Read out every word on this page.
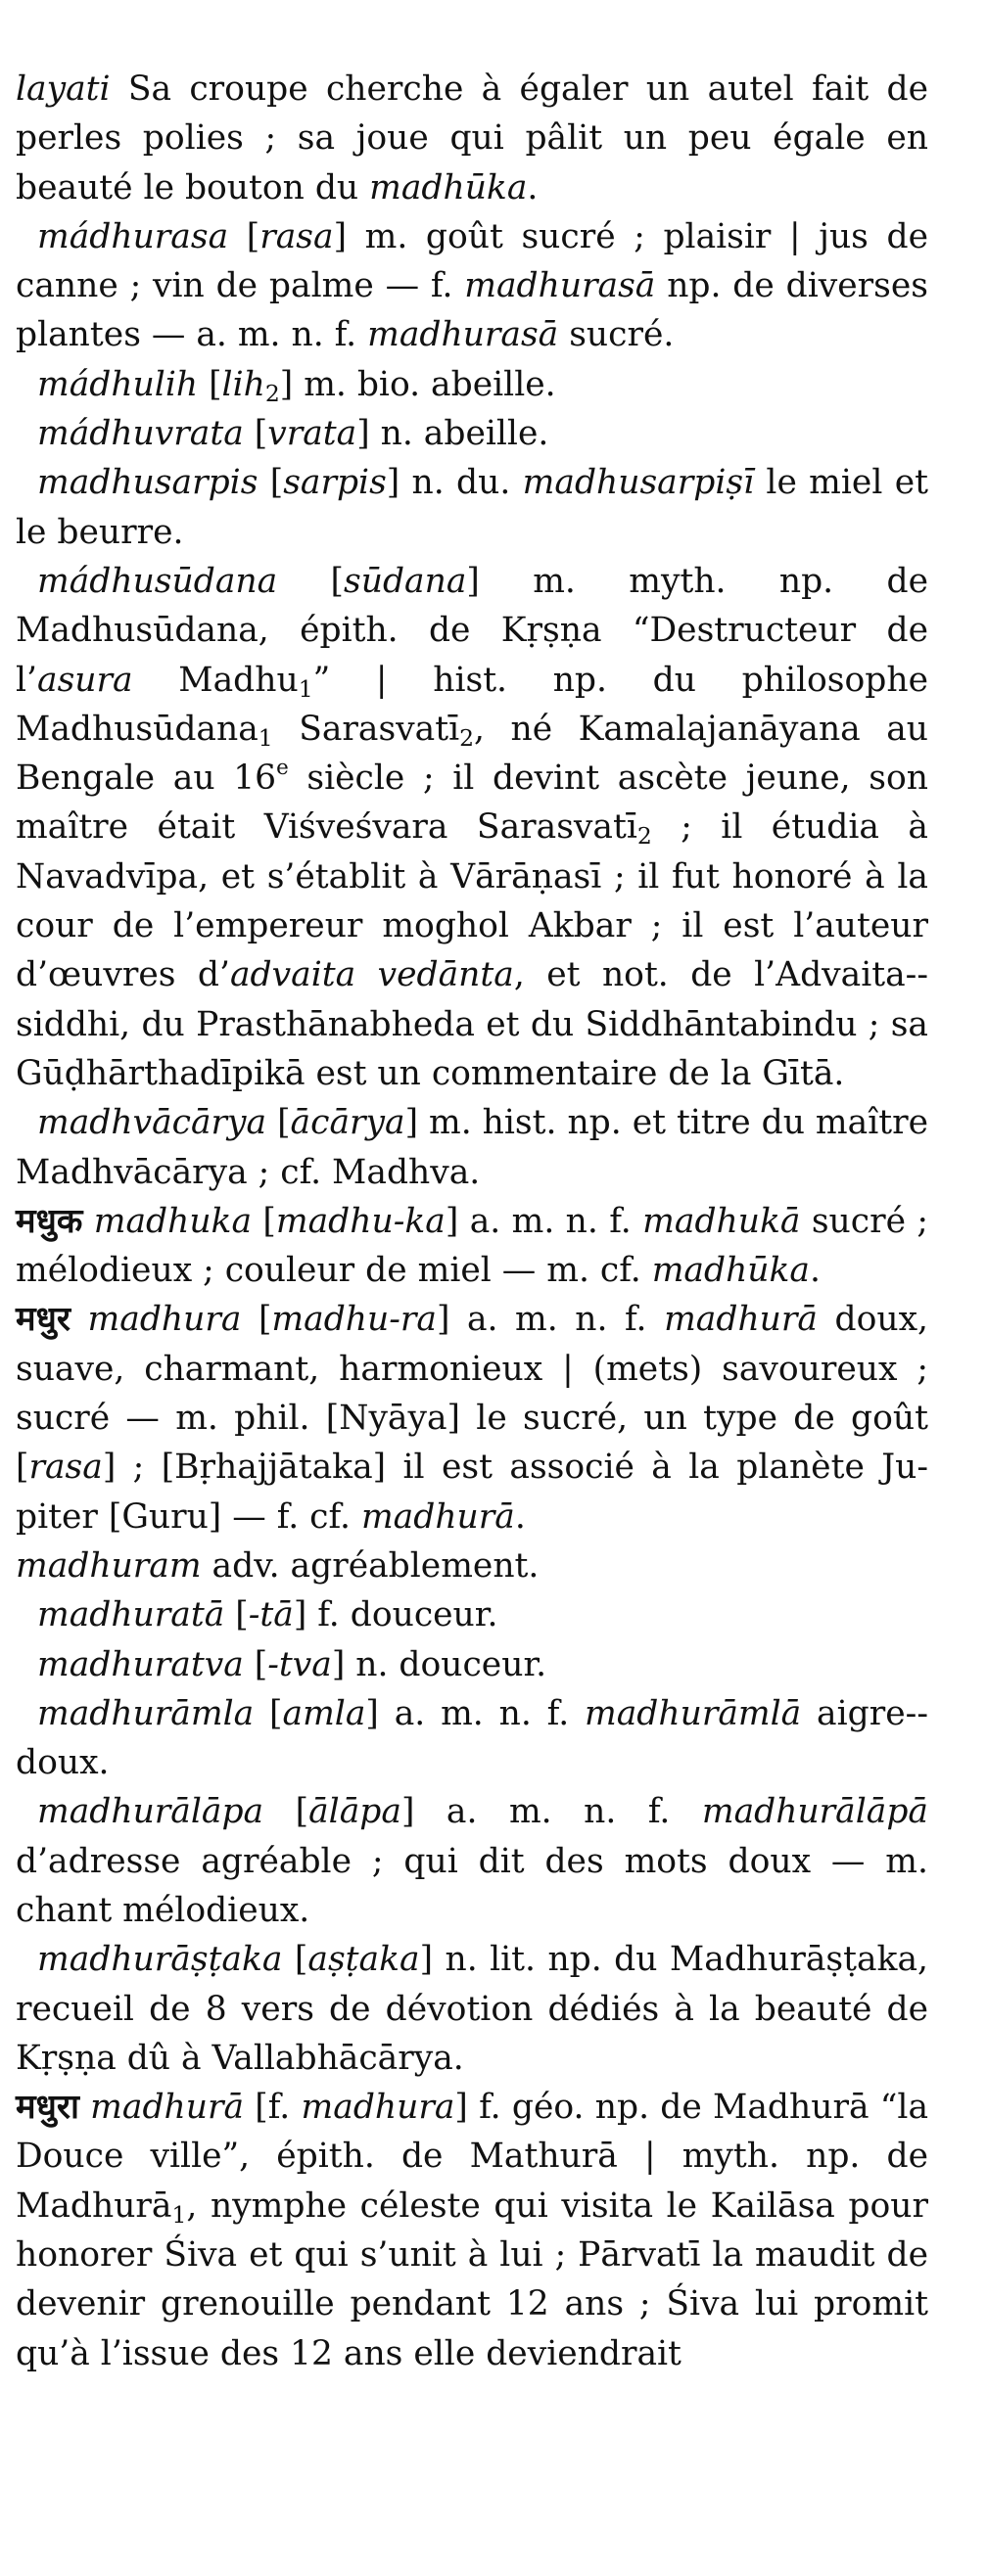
layati Sa croupe cherche à égaler un autel fait de perles polies ; sa joue qui pâlit un peu égale en beauté le bouton du madhūka.

mádhurasa [rasa] m. goût sucré ; plaisir | jus de canne ; vin de palme — f. madhurasā np. de diverses plantes — a. m. n. f. madhurasā sucré.

mádhulih [lih$_2$] m. bio. abeille.

mádhuvrata [vrata] n. abeille.

madhusarpis [sarpis] n. du. madhusarpiṣī le miel et le beurre.

mádhusūdana [sūdana] m. myth. np. de Madhusūdana, épith. de Kṛṣṇa “Destructeur de l’asura Madhu$_1$” | hist. np. du philosophe Madhusūdana$_1$ Sarasvatī$_2$, né Kamalajanāyana au Bengale au 16e siècle ; il devint ascète jeune, son maître était Viśveśvara Sarasvatī$_2$ ; il étudia à Navadvīpa, et s’établit à Vārāṇasī ; il fut honoré à la cour de l’empereur moghol Akbar ; il est l’auteur d’œuvres d’advaita vedānta, et not. de l’Advaita-siddhi, du Prasthānabheda et du Siddhāntabindu ; sa Gūḍhārthadīpikā est un commentaire de la Gītā.

madhvācārya [ācārya] m. hist. np. et titre du maître Madhvācārya ; cf. Madhva.

मधुक madhuka [madhu-ka] a. m. n. f. madhukā sucré ; mélodieux ; couleur de miel — m. cf. madhūka.

मधुर madhura [madhu-ra] a. m. n. f. madhurā doux, suave, charmant, harmonieux | (mets) savoureux ; sucré — m. phil. [Nyāya] le sucré, un type de goût [rasa] ; [Bṛhajjātaka] il est associé à la planète Jupiter [Guru] — f. cf. madhurā.

madhuram adv. agréablement.

madhuratā [-tā] f. douceur.

madhuratva [-tva] n. douceur.

madhurāmla [amla] a. m. n. f. madhurāmlā aigre-doux.

madhurālāpa [ālāpa] a. m. n. f. madhurālāpā d’adresse agréable ; qui dit des mots doux — m. chant mélodieux.

madhurāṣṭaka [aṣṭaka] n. lit. np. du Madhurāṣṭaka, recueil de 8 vers de dévotion dédiés à la beauté de Kṛṣṇa dû à Vallabhācārya.

मधुरा madhurā [f. madhura] f. géo. np. de Madhurā “la Douce ville”, épith. de Mathurā | myth. np. de Madhurā$_1$, nymphe céleste qui visita le Kailāsa pour honorer Śiva et qui s’unit à lui ; Pārvatī la maudit de devenir grenouille pendant 12 ans ; Śiva lui promit qu’à l’issue des 12 ans elle deviendrait
